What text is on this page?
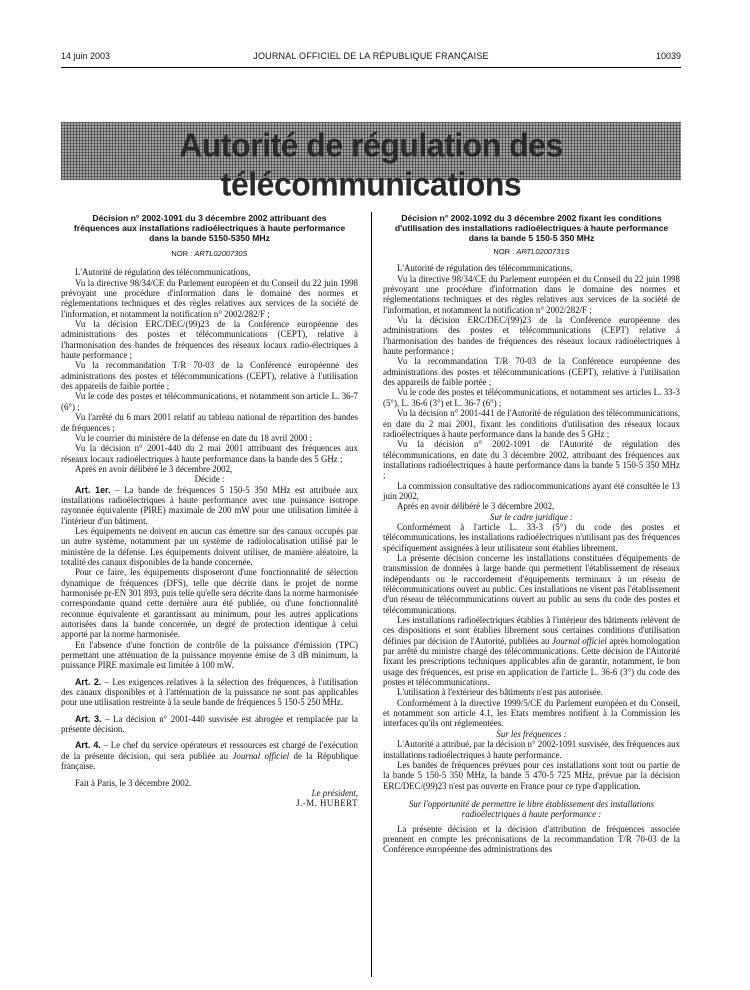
14 juin 2003	JOURNAL OFFICIEL DE LA RÉPUBLIQUE FRANÇAISE	10039
Autorité de régulation des télécommunications
Décision n° 2002-1091 du 3 décembre 2002 attribuant des fréquences aux installations radioélectriques à haute performance dans la bande 5150-5350 MHz
NOR : ARTL0200730S

L'Autorité de régulation des télécommunications,

Vu la directive 98/34/CE du Parlement européen et du Conseil du 22 juin 1998 prévoyant une procédure d'information dans le domaine des normes et réglementations techniques et des règles relatives aux services de la société de l'information, et notamment la notification n° 2002/282/F ;

Vu la décision ERC/DEC/(99)23 de la Conférence européenne des administrations des postes et télécommunications (CEPT), relative à l'harmonisation des bandes de fréquences des réseaux locaux radio-électriques à haute performance ;

Vu la recommandation T/R 70-03 de la Conférence européenne des administrations des postes et télécommunications (CEPT), relative à l'utilisation des appareils de faible portée ;

Vu le code des postes et télécommunications, et notamment son article L. 36-7 (6°) ;

Vu l'arrêté du 6 mars 2001 relatif au tableau national de répartition des bandes de fréquences ;

Vu le courrier du ministère de la défense en date du 18 avril 2000 ;

Vu la décision n° 2001-440 du 2 mai 2001 attribuant des fréquences aux réseaux locaux radioélectriques à haute performance dans la bande des 5 GHz ;

Après en avoir délibéré le 3 décembre 2002,

Décide :

Art. 1er. – La bande de fréquences 5 150-5 350 MHz est attribuée aux installations radioélectriques à haute performance avec une puissance isotrope rayonnée équivalente (PIRE) maximale de 200 mW pour une utilisation limitée à l'intérieur d'un bâtiment.

Les équipements ne doivent en aucun cas émettre sur des canaux occupés par un autre système, notamment par un système de radiolocalisation utilisé par le ministère de la défense. Les équipements doivent utiliser, de manière aléatoire, la totalité des canaux disponibles de la bande concernée.

Pour ce faire, les équipements disposeront d'une fonctionnalité de sélection dynamique de fréquences (DFS), telle que décrite dans le projet de norme harmonisée pr-EN 301 893, puis telle qu'elle sera décrite dans la norme harmonisée correspondante quand cette dernière aura été publiée, ou d'une fonctionnalité reconnue équivalente et garantissant au minimum, pour les autres applications autorisées dans la bande concernée, un degré de protection identique à celui apporté par la norme harmonisée.

En l'absence d'une fonction de contrôle de la puissance d'émission (TPC) permettant une atténuation de la puissance moyenne émise de 3 dB minimum, la puissance PIRE maximale est limitée à 100 mW.

Art. 2. – Les exigences relatives à la sélection des fréquences, à l'utilisation des canaux disponibles et à l'atténuation de la puissance ne sont pas applicables pour une utilisation restreinte à la seule bande de fréquences 5 150-5 250 MHz.

Art. 3. – La décision n° 2001-440 susvisée est abrogée et remplacée par la présente décision.

Art. 4. – Le chef du service opérateurs et ressources est chargé de l'exécution de la présente décision, qui sera publiée au Journal officiel de la République française.

Fait à Paris, le 3 décembre 2002.

Le président,

J.-M. HUBERT

Décision n° 2002-1092 du 3 décembre 2002 fixant les conditions d'utilisation des installations radioélectriques à haute performance dans la bande 5 150-5 350 MHz
NOR : ARTL0200731S

L'Autorité de régulation des télécommunications,

Vu la directive 98/34/CE du Parlement européen et du Conseil du 22 juin 1998 prévoyant une procédure d'information dans le domaine des normes et réglementations techniques et des règles relatives aux services de la société de l'information, et notamment la notification n° 2002/282/F ;

Vu la décision ERC/DEC/(99)23 de la Conférence européenne des administrations des postes et télécommunications (CEPT) relative à l'harmonisation des bandes de fréquences des réseaux locaux radioélectriques à haute performance ;

Vu la recommandation T/R 70-03 de la Conférence européenne des administrations des postes et télécommunications (CEPT), relative à l'utilisation des appareils de faible portée ;

Vu le code des postes et télécommunications, et notamment ses articles L. 33-3 (5°), L. 36-6 (3°) et L. 36-7 (6°) ;

Vu la décision n° 2001-441 de l'Autorité de régulation des télécommunications, en date du 2 mai 2001, fixant les conditions d'utilisation des réseaux locaux radioélectriques à haute performance dans la bande des 5 GHz ;

Vu la décision n° 2002-1091 de l'Autorité de régulation des télécommunications, en date du 3 décembre 2002, attribuant des fréquences aux installations radioélectriques à haute performance dans la bande 5 150-5 350 MHz ;

La commission consultative des radiocommunications ayant été consultée le 13 juin 2002,

Après en avoir délibéré le 3 décembre 2002,

Sur le cadre juridique :

Conformément à l'article L. 33-3 (5°) du code des postes et télécommunications, les installations radioélectriques n'utilisant pas des fréquences spécifiquement assignées à leur utilisateur sont établies librement.

La présente décision concerne les installations constituées d'équipements de transmission de données à large bande qui permettent l'établissement de réseaux indépendants ou le raccordement d'équipements terminaux à un réseau de télécommunications ouvert au public. Ces installations ne visent pas l'établissement d'un réseau de télécommunications ouvert au public au sens du code des postes et télécommunications.

Les installations radioélectriques établies à l'intérieur des bâtiments relèvent de ces dispositions et sont établies librement sous certaines conditions d'utilisation définies par décision de l'Autorité, publiées au Journal officiel après homologation par arrêté du ministre chargé des télécommunications. Cette décision de l'Autorité fixant les prescriptions techniques applicables afin de garantir, notamment, le bon usage des fréquences, est prise en application de l'article L. 36-6 (3°) du code des postes et télécommunications.

L'utilisation à l'extérieur des bâtiments n'est pas autorisée.

Conformément à la directive 1999/5/CE du Parlement européen et du Conseil, et notamment son article 4.1, les Etats membres notifient à la Commission les interfaces qu'ils ont réglementées.

Sur les fréquences :

L'Autorité a attribué, par la décision n° 2002-1091 susvisée, des fréquences aux installations radioélectriques à haute performance.

Les bandes de fréquences prévues pour ces installations sont tout ou partie de la bande 5 150-5 350 MHz, la bande 5 470-5 725 MHz, prévue par la décision ERC/DEC/(99)23 n'est pas ouverte en France pour ce type d'application.

Sur l'opportunité de permettre le libre établissement des installations radioélectriques à haute performance :

La présente décision et la décision d'attribution de fréquences associée prennent en compte les préconisations de la recommandation T/R 70-03 de la Conférence européenne des administrations des
